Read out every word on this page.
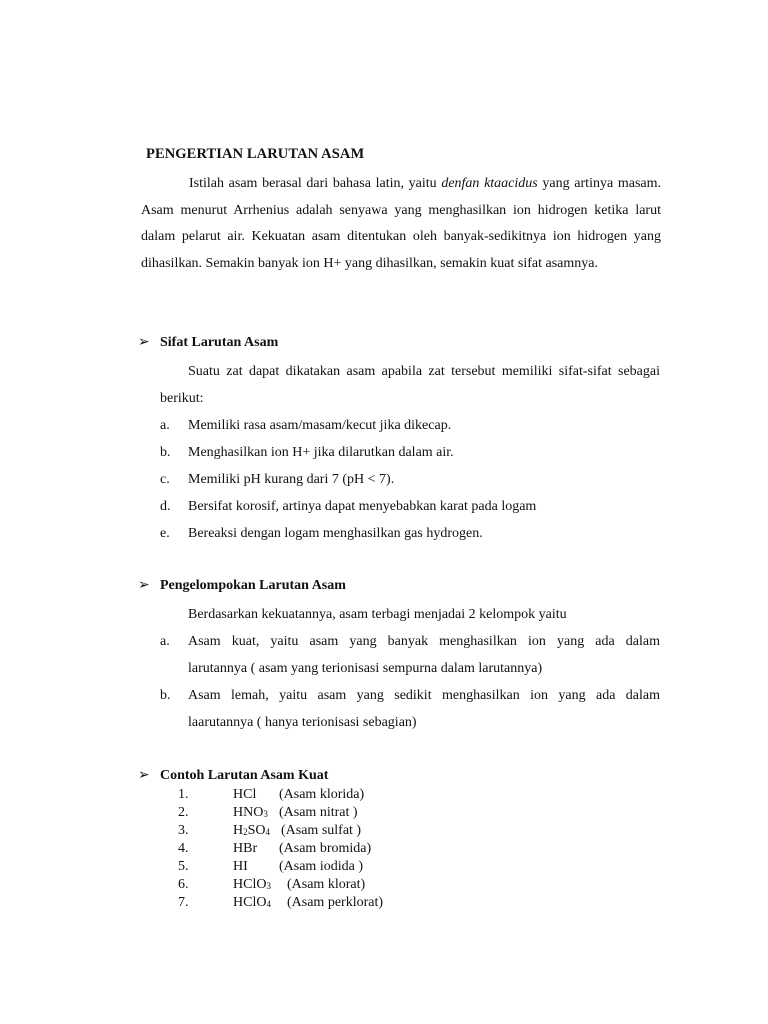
PENGERTIAN LARUTAN ASAM
Istilah asam berasal dari bahasa latin, yaitu denfan ktaacidus yang artinya masam. Asam menurut Arrhenius adalah senyawa yang menghasilkan ion hidrogen ketika larut dalam pelarut air. Kekuatan asam ditentukan oleh banyak-sedikitnya ion hidrogen yang dihasilkan. Semakin banyak ion H+ yang dihasilkan, semakin kuat sifat asamnya.
➢ Sifat Larutan Asam
Suatu zat dapat dikatakan asam apabila zat tersebut memiliki sifat-sifat sebagai berikut:
a. Memiliki rasa asam/masam/kecut jika dikecap.
b. Menghasilkan ion H+ jika dilarutkan dalam air.
c. Memiliki pH kurang dari 7 (pH < 7).
d. Bersifat korosif, artinya dapat menyebabkan karat pada logam
e. Bereaksi dengan logam menghasilkan gas hydrogen.
➢ Pengelompokan Larutan Asam
Berdasarkan kekuatannya, asam terbagi menjadai 2 kelompok yaitu
a. Asam kuat, yaitu asam yang banyak menghasilkan ion yang ada dalam
larutannya ( asam yang terionisasi sempurna dalam larutannya)
b. Asam lemah, yaitu asam yang sedikit menghasilkan ion yang ada dalam
laarutannya ( hanya terionisasi sebagian)
➢ Contoh Larutan Asam Kuat
1.	HCl (Asam klorida)
2.	$HNO_3$ (Asam nitrat )
3.	$H_2SO_4$ (Asam sulfat )
4.	HBr (Asam bromida)
5.	HI (Asam iodida )
6.	HClO$_3$ (Asam klorat)
7.	HClO$_4$ (Asam perklorat)
